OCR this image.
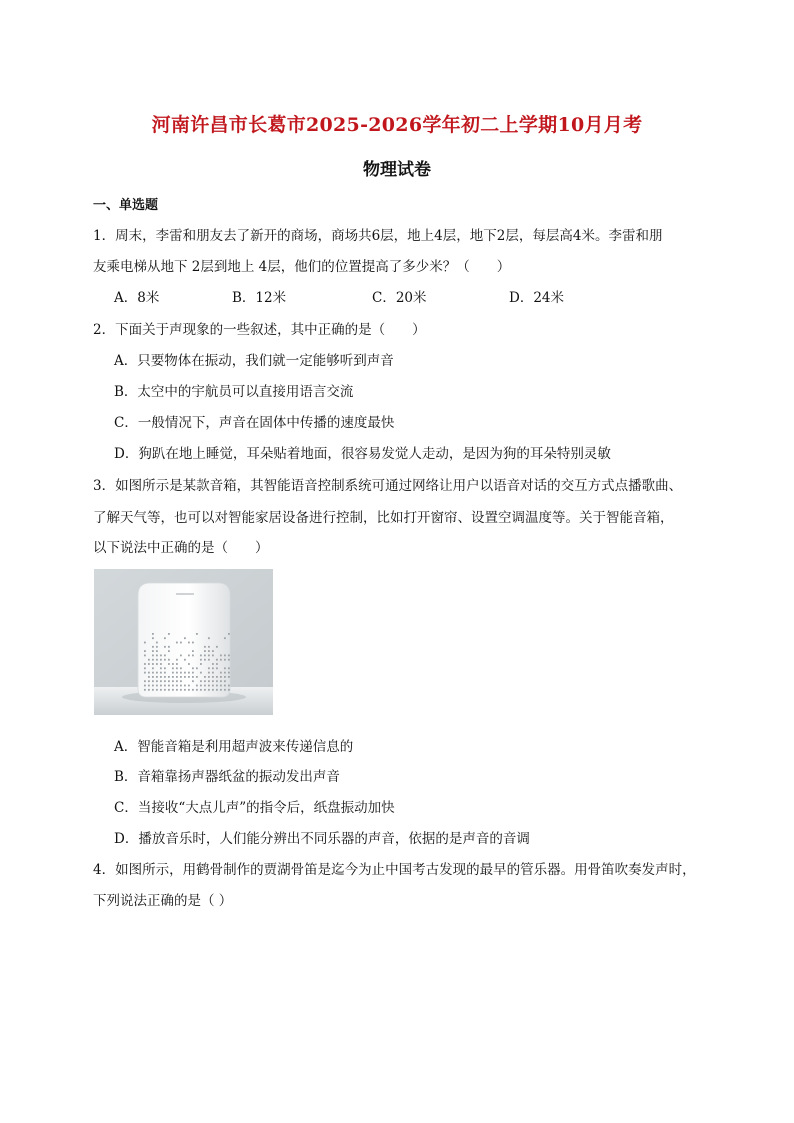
河南许昌市长葛市2025-2026学年初二上学期10月月考
物理试卷
一、单选题
1．周末，李雷和朋友去了新开的商场，商场共6层，地上4层，地下2层，每层高4米。李雷和朋
友乘电梯从地下 2层到地上 4层，他们的位置提高了多少米？（　　）
A．8米	B．12米	C．20米	D．24米
2．下面关于声现象的一些叙述，其中正确的是（　　）
A．只要物体在振动，我们就一定能够听到声音
B．太空中的宇航员可以直接用语言交流
C．一般情况下，声音在固体中传播的速度最快
D．狗趴在地上睡觉，耳朵贴着地面，很容易发觉人走动，是因为狗的耳朵特别灵敏
3．如图所示是某款音箱，其智能语音控制系统可通过网络让用户以语音对话的交互方式点播歌曲、
了解天气等，也可以对智能家居设备进行控制，比如打开窗帘、设置空调温度等。关于智能音箱，
以下说法中正确的是（　　）
A．智能音箱是利用超声波来传递信息的
B．音箱靠扬声器纸盆的振动发出声音
C．当接收“大点儿声”的指令后，纸盘振动加快
D．播放音乐时，人们能分辨出不同乐器的声音，依据的是声音的音调
4．如图所示，用鹤骨制作的贾湖骨笛是迄今为止中国考古发现的最早的管乐器。用骨笛吹奏发声时，
下列说法正确的是（ ）
